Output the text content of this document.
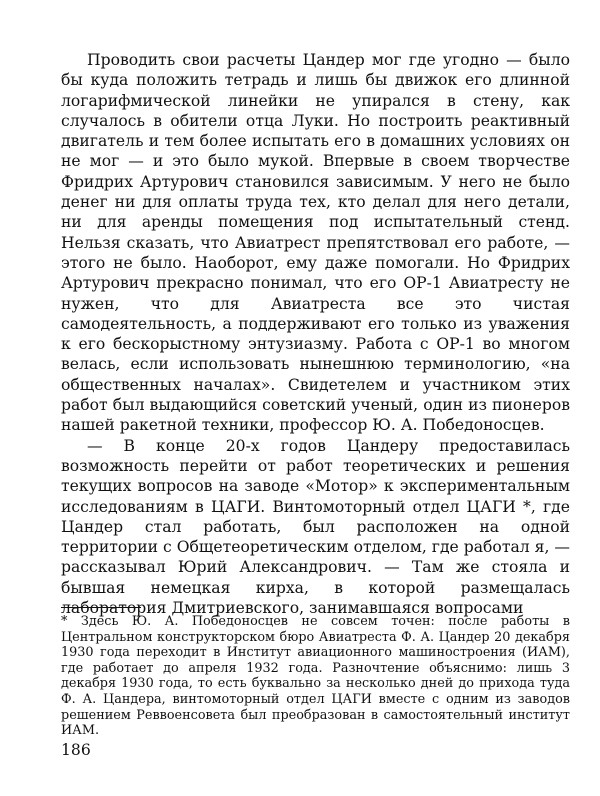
Проводить свои расчеты Цандер мог где угодно — было бы куда положить тетрадь и лишь бы движок его длинной логарифмической линейки не упирался в стену, как случалось в обители отца Луки. Но построить реактивный двигатель и тем более испытать его в домашних условиях он не мог — и это было мукой. Впервые в своем творчестве Фридрих Артурович становился зависимым. У него не было денег ни для оплаты труда тех, кто делал для него детали, ни для аренды помещения под испытательный стенд. Нельзя сказать, что Авиатрест препятствовал его работе, — этого не было. Наоборот, ему даже помогали. Но Фридрих Артурович прекрасно понимал, что его ОР-1 Авиатресту не нужен, что для Авиатреста все это чистая самодеятельность, а поддерживают его только из уважения к его бескорыстному энтузиазму. Работа с ОР-1 во многом велась, если использовать нынешнюю терминологию, «на общественных началах». Свидетелем и участником этих работ был выдающийся советский ученый, один из пионеров нашей ракетной техники, профессор Ю. А. Победоносцев.

— В конце 20-х годов Цандеру предоставилась возможность перейти от работ теоретических и решения текущих вопросов на заводе «Мотор» к экспериментальным исследованиям в ЦАГИ. Винтомоторный отдел ЦАГИ *, где Цандер стал работать, был расположен на одной территории с Общетеоретическим отделом, где работал я, — рассказывал Юрий Александрович. — Там же стояла и бывшая немецкая кирха, в которой размещалась лаборатория Дмитриевского, занимавшаяся вопросами

* Здесь Ю. А. Победоносцев не совсем точен: после работы в Центральном конструкторском бюро Авиатреста Ф. А. Цандер 20 декабря 1930 года переходит в Институт авиационного машиностроения (ИАМ), где работает до апреля 1932 года. Разночтение объяснимо: лишь 3 декабря 1930 года, то есть буквально за несколько дней до прихода туда Ф. А. Цандера, винтомоторный отдел ЦАГИ вместе с одним из заводов решением Реввоенсовета был преобразован в самостоятельный институт ИАМ.

186
